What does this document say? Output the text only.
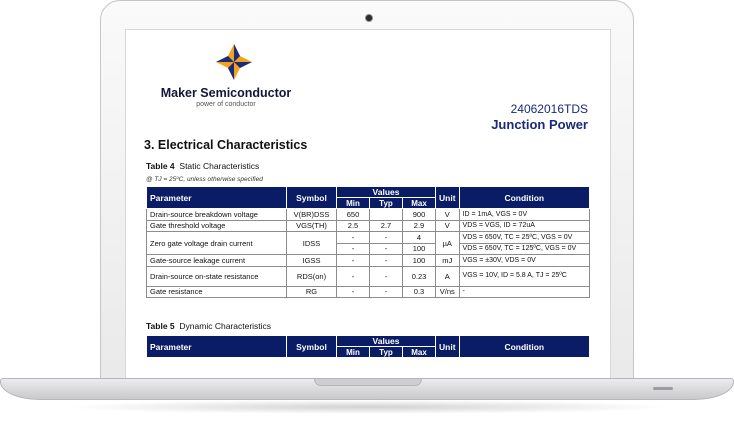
Maker Semiconductor
power of conductor	24062016TDS
Junction Power
3. Electrical Characteristics
Table 4 Static Characteristics
@ TJ = 25ºC, unless otherwise specified
Parameter	Symbol	Values			Unit	Condition
		Min	Typ	Max		
Drain-source breakdown voltage	V(BR)DSS	650		900	V	ID = 1mA, VGS = 0V
Gate threshold voltage	VGS(TH)	2.5	2.7	2.9	V	VDS = VGS, ID = 72uA
Zero gate voltage drain current	IDSS	-	-	4	µA	VDS = 650V, TC = 25ºC, VGS = 0V
		-	-	100		VDS = 650V, TC = 125ºC, VGS = 0V
Gate-source leakage current	IGSS	-	-	100	mJ	VGS = ±30V, VDS = 0V
Drain-source on-state resistance	RDS(on)	-	-	0.23	A	VGS = 10V, ID = 5.8 A, TJ = 25ºC
Gate resistance	RG	-	-	0.3	V/ns	-
Table 5 Dynamic Characteristics
Parameter	Symbol	Values			Unit	Condition
		Min	Typ	Max		
